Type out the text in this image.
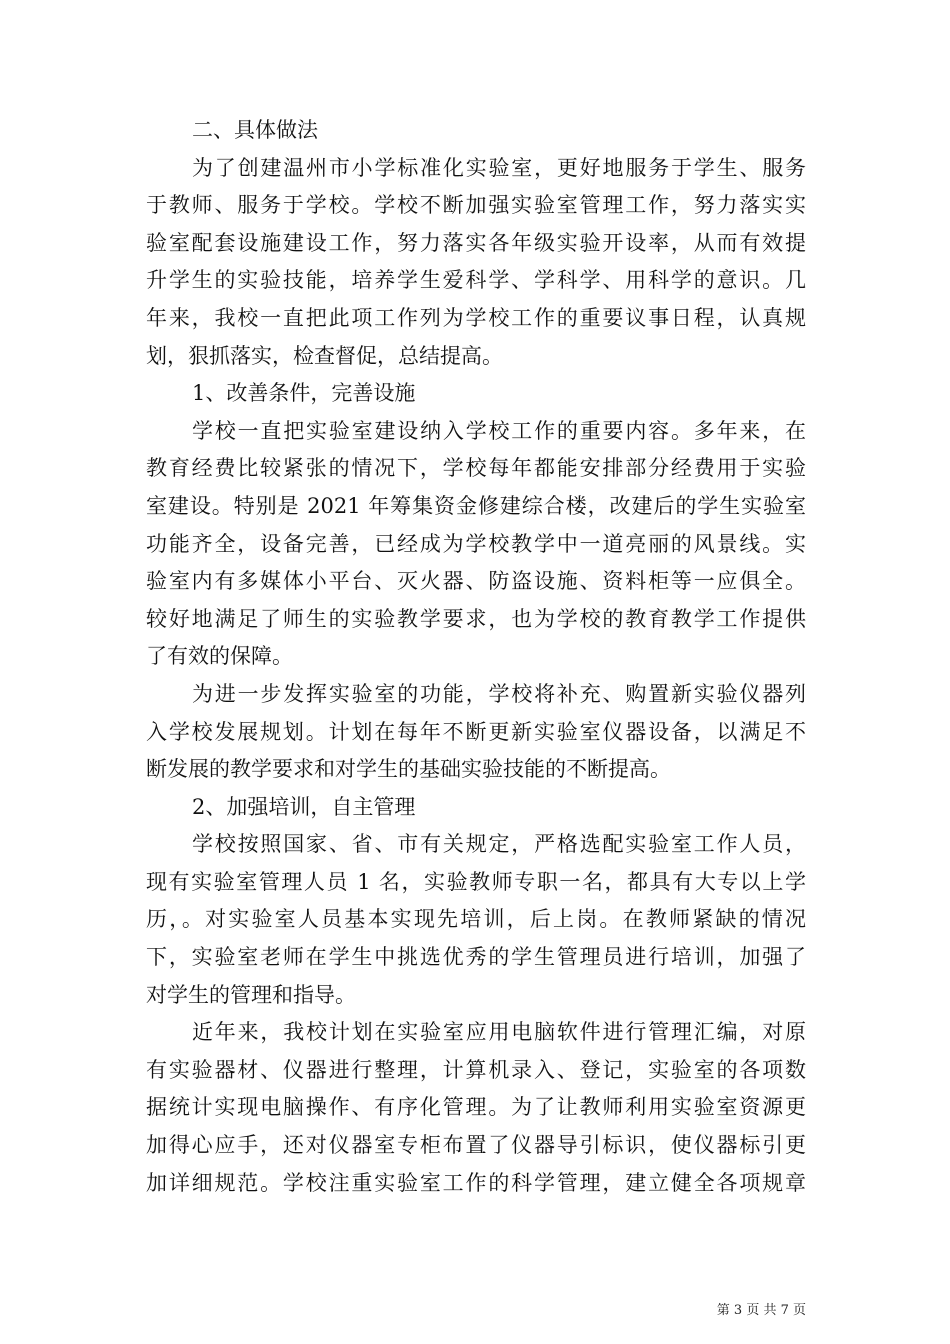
二、具体做法
为了创建温州市小学标准化实验室，更好地服务于学生、服务
于教师、服务于学校。学校不断加强实验室管理工作，努力落实实
验室配套设施建设工作，努力落实各年级实验开设率，从而有效提
升学生的实验技能，培养学生爱科学、学科学、用科学的意识。几
年来，我校一直把此项工作列为学校工作的重要议事日程，认真规
划，狠抓落实，检查督促，总结提高。
1、改善条件，完善设施
学校一直把实验室建设纳入学校工作的重要内容。多年来，在
教育经费比较紧张的情况下，学校每年都能安排部分经费用于实验
室建设。特别是 2021 年筹集资金修建综合楼，改建后的学生实验室
功能齐全，设备完善，已经成为学校教学中一道亮丽的风景线。实
验室内有多媒体小平台、灭火器、防盗设施、资料柜等一应俱全。
较好地满足了师生的实验教学要求，也为学校的教育教学工作提供
了有效的保障。
为进一步发挥实验室的功能，学校将补充、购置新实验仪器列
入学校发展规划。计划在每年不断更新实验室仪器设备，以满足不
断发展的教学要求和对学生的基础实验技能的不断提高。
2、加强培训，自主管理
学校按照国家、省、市有关规定，严格选配实验室工作人员，
现有实验室管理人员 1 名，实验教师专职一名，都具有大专以上学
历，。对实验室人员基本实现先培训，后上岗。在教师紧缺的情况
下，实验室老师在学生中挑选优秀的学生管理员进行培训，加强了
对学生的管理和指导。
近年来，我校计划在实验室应用电脑软件进行管理汇编，对原
有实验器材、仪器进行整理，计算机录入、登记，实验室的各项数
据统计实现电脑操作、有序化管理。为了让教师利用实验室资源更
加得心应手，还对仪器室专柜布置了仪器导引标识，使仪器标引更
加详细规范。学校注重实验室工作的科学管理，建立健全各项规章
第 3 页 共 7 页
